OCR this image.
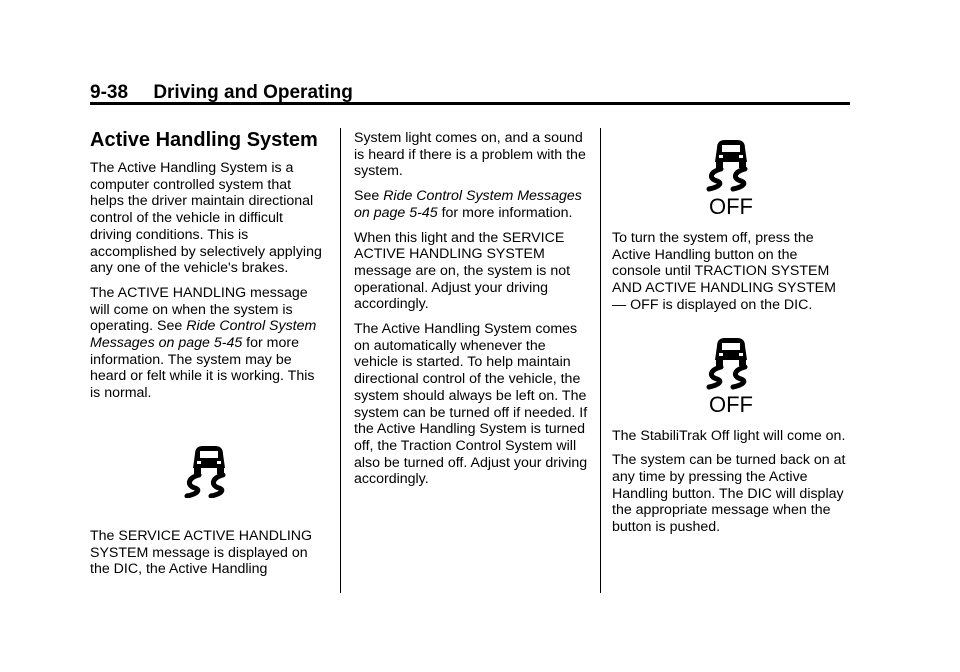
9-38 Driving and Operating
Active Handling System

The Active Handling System is a computer controlled system that helps the driver maintain directional control of the vehicle in difficult driving conditions. This is accomplished by selectively applying any one of the vehicle's brakes.

The ACTIVE HANDLING message will come on when the system is operating. See Ride Control System Messages on page 5-45 for more information. The system may be heard or felt while it is working. This is normal.

The SERVICE ACTIVE HANDLING SYSTEM message is displayed on the DIC, the Active Handling

System light comes on, and a sound is heard if there is a problem with the system.

See Ride Control System Messages on page 5-45 for more information.

When this light and the SERVICE ACTIVE HANDLING SYSTEM message are on, the system is not operational. Adjust your driving accordingly.

The Active Handling System comes on automatically whenever the vehicle is started. To help maintain directional control of the vehicle, the system should always be left on. The system can be turned off if needed. If the Active Handling System is turned off, the Traction Control System will also be turned off. Adjust your driving accordingly.

OFF

To turn the system off, press the Active Handling button on the console until TRACTION SYSTEM AND ACTIVE HANDLING SYSTEM — OFF is displayed on the DIC.

OFF

The StabiliTrak Off light will come on.

The system can be turned back on at any time by pressing the Active Handling button. The DIC will display the appropriate message when the button is pushed.
